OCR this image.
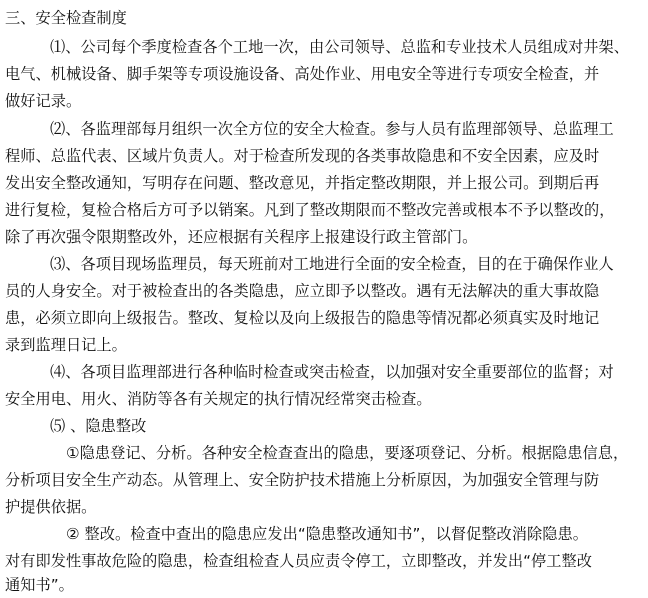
三、安全检查制度
⑴、公司每个季度检查各个工地一次，由公司领导、总监和专业技术人员组成对井架、
电气、机械设备、脚手架等专项设施设备、高处作业、用电安全等进行专项安全检查，并
做好记录。
⑵、各监理部每月组织一次全方位的安全大检查。参与人员有监理部领导、总监理工
程师、总监代表、区域片负责人。对于检查所发现的各类事故隐患和不安全因素，应及时
发出安全整改通知，写明存在问题、整改意见，并指定整改期限，并上报公司。到期后再
进行复检，复检合格后方可予以销案。凡到了整改期限而不整改完善或根本不予以整改的，
除了再次强令限期整改外，还应根据有关程序上报建设行政主管部门。
⑶、各项目现场监理员，每天班前对工地进行全面的安全检查，目的在于确保作业人
员的人身安全。对于被检查出的各类隐患，应立即予以整改。遇有无法解决的重大事故隐
患，必须立即向上级报告。整改、复检以及向上级报告的隐患等情况都必须真实及时地记
录到监理日记上。
⑷、各项目监理部进行各种临时检查或突击检查，以加强对安全重要部位的监督；对
安全用电、用火、消防等各有关规定的执行情况经常突击检查。
⑸ 、隐患整改
①隐患登记、分析。各种安全检查查出的隐患，要逐项登记、分析。根据隐患信息，
分析项目安全生产动态。从管理上、安全防护技术措施上分析原因，为加强安全管理与防
护提供依据。
② 整改。检查中查出的隐患应发出“隐患整改通知书”，以督促整改消除隐患。
对有即发性事故危险的隐患，检查组检查人员应责令停工，立即整改，并发出“停工整改
通知书”。
